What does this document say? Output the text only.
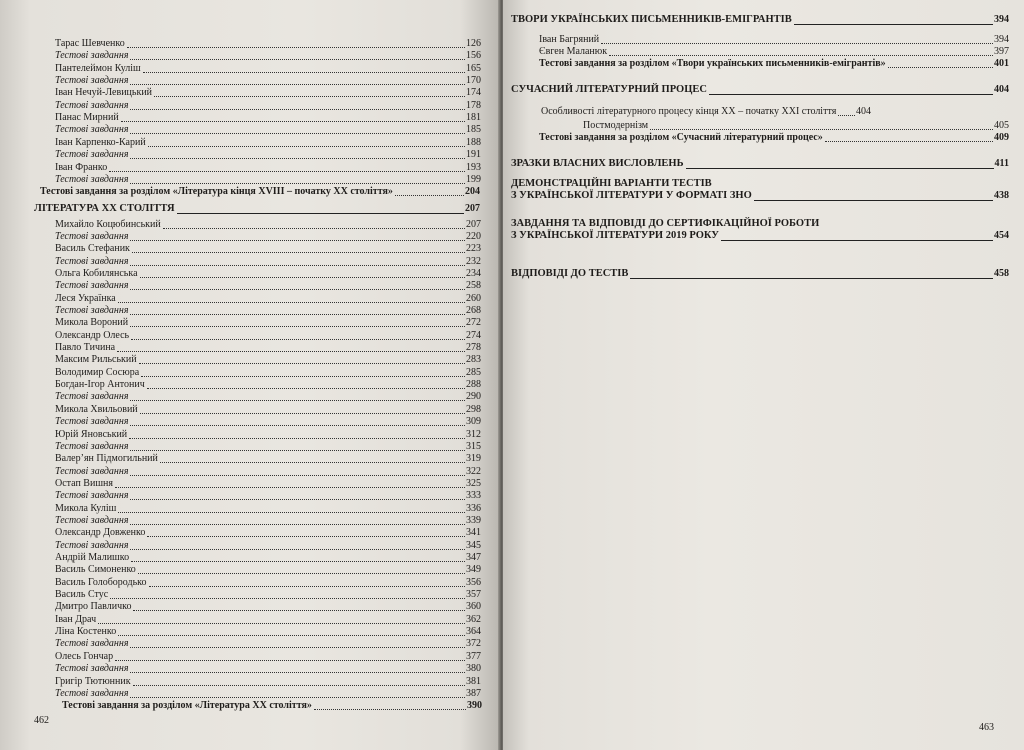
462
Тарас Шевченко	126
Тестові завдання	156
Пантелеймон Куліш	165
Тестові завдання	170
Іван Нечуй-Левицький	174
Тестові завдання	178
Панас Мирний	181
Тестові завдання	185
Іван Карпенко-Карий	188
Тестові завдання	191
Іван Франко	193
Тестові завдання	199
Тестові завдання за розділом «Література кінця XVIII – початку XX століття»	204
ЛІТЕРАТУРА XX СТОЛІТТЯ	207
Михайло Коцюбинський	207
Тестові завдання	220
Василь Стефаник	223
Тестові завдання	232
Ольга Кобилянська	234
Тестові завдання	258
Леся Українка	260
Тестові завдання	268
Микола Вороний	272
Олександр Олесь	274
Павло Тичина	278
Максим Рильський	283
Володимир Сосюра	285
Богдан-Ігор Антонич	288
Тестові завдання	290
Микола Хвильовий	298
Тестові завдання	309
Юрій Яновський	312
Тестові завдання	315
Валер’ян Підмогильний	319
Тестові завдання	322
Остап Вишня	325
Тестові завдання	333
Микола Куліш	336
Тестові завдання	339
Олександр Довженко	341
Тестові завдання	345
Андрій Малишко	347
Василь Симоненко	349
Василь Голобородько	356
Василь Стус	357
Дмитро Павличко	360
Іван Драч	362
Ліна Костенко	364
Тестові завдання	372
Олесь Гончар	377
Тестові завдання	380
Григір Тютюнник	381
Тестові завдання	387
Тестові завдання за розділом «Література XX століття»	390
463
ТВОРИ УКРАЇНСЬКИХ ПИСЬМЕННИКІВ-ЕМІГРАНТІВ	394
Іван Багряний	394
Євген Маланюк	397
Тестові завдання за розділом «Твори українських письменників-емігрантів»	401
СУЧАСНИЙ ЛІТЕРАТУРНИЙ ПРОЦЕС	404
Особливості літературного процесу кінця XX – початку XXI століття 404
Постмодернізм	405
Тестові завдання за розділом «Сучасний літературний процес»	409
ЗРАЗКИ ВЛАСНИХ ВИСЛОВЛЕНЬ	411
ДЕМОНСТРАЦІЙНІ ВАРІАНТИ ТЕСТІВ
З УКРАЇНСЬКОЇ ЛІТЕРАТУРИ У ФОРМАТІ ЗНО	438
ЗАВДАННЯ ТА ВІДПОВІДІ ДО СЕРТИФІКАЦІЙНОЇ РОБОТИ
З УКРАЇНСЬКОЇ ЛІТЕРАТУРИ 2019 РОКУ	454
ВІДПОВІДІ ДО ТЕСТІВ	458
